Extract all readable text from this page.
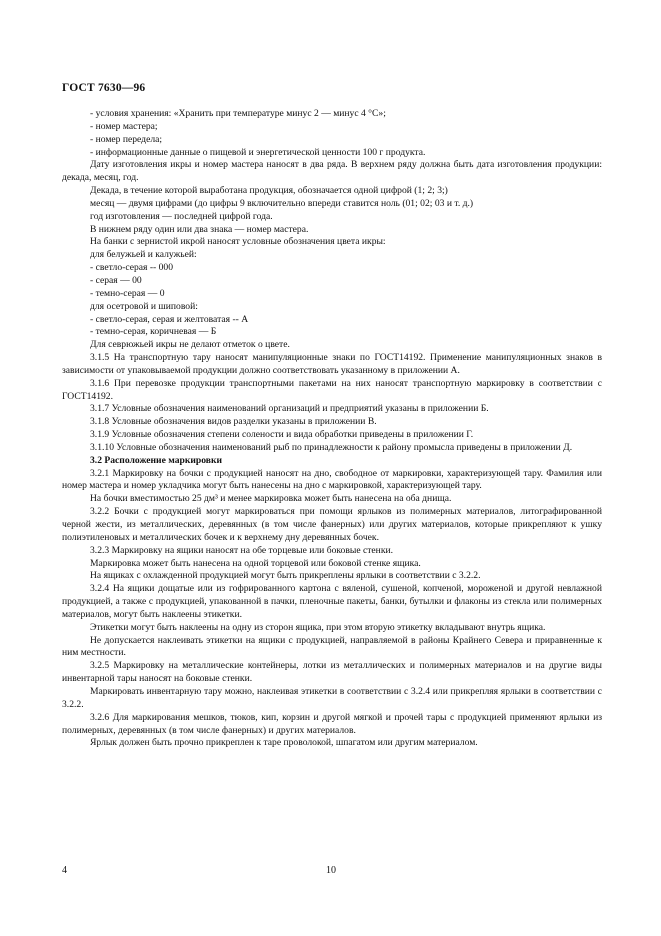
ГОСТ 7630—96

- условия хранения: «Хранить при температуре минус 2 — минус 4 °С»;

- номер мастера;

- номер передела;

- информационные данные о пищевой и энергетической ценности 100 г продукта.

Дату изготовления икры и номер мастера наносят в два ряда. В верхнем ряду должна быть дата изготовления продукции: декада, месяц, год.

Декада, в течение которой выработана продукция, обозначается одной цифрой (1; 2; 3;)

месяц — двумя цифрами (до цифры 9 включительно впереди ставится ноль (01; 02; 03 и т. д.)

год изготовления — последней цифрой года.

В нижнем ряду один или два знака — номер мастера.

На банки с зернистой икрой наносят условные обозначения цвета икры:

для белужьей и калужьей:

- светло-серая -- 000

- серая — 00

- темно-серая — 0

для осетровой и шиповой:

- светло-серая, серая и желтоватая -- А

- темно-серая, коричневая — Б

Для севрюжьей икры не делают отметок о цвете.

3.1.5 На транспортную тару наносят манипуляционные знаки по ГОСТ14192. Применение манипуляционных знаков в зависимости от упаковываемой продукции должно соответствовать указанному в приложении А.

3.1.6 При перевозке продукции транспортными пакетами на них наносят транспортную маркировку в соответствии с ГОСТ14192.

3.1.7 Условные обозначения наименований организаций и предприятий указаны в приложении Б.

3.1.8 Условные обозначения видов разделки указаны в приложении В.

3.1.9 Условные обозначения степени солености и вида обработки приведены в приложении Г.

3.1.10 Условные обозначения наименований рыб по принадлежности к району промысла приведены в приложении Д.

3.2 Расположение маркировки

3.2.1 Маркировку на бочки с продукцией наносят на дно, свободное от маркировки, характеризующей тару. Фамилия или номер мастера и номер укладчика могут быть нанесены на дно с маркировкой, характеризующей тару.

На бочки вместимостью 25 дм³ и менее маркировка может быть нанесена на оба днища.

3.2.2 Бочки с продукцией могут маркироваться при помощи ярлыков из полимерных материалов, литографированной черной жести, из металлических, деревянных (в том числе фанерных) или других материалов, которые прикрепляют к ушку полиэтиленовых и металлических бочек и к верхнему дну деревянных бочек.

3.2.3 Маркировку на ящики наносят на обе торцевые или боковые стенки.

Маркировка может быть нанесена на одной торцевой или боковой стенке ящика.

На ящиках с охлажденной продукцией могут быть прикреплены ярлыки в соответствии с 3.2.2.

3.2.4 На ящики дощатые или из гофрированного картона с вяленой, сушеной, копченой, мороженой и другой невлажной продукцией, а также с продукцией, упакованной в пачки, пленочные пакеты, банки, бутылки и флаконы из стекла или полимерных материалов, могут быть наклеены этикетки.

Этикетки могут быть наклеены на одну из сторон ящика, при этом вторую этикетку вкладывают внутрь ящика.

Не допускается наклеивать этикетки на ящики с продукцией, направляемой в районы Крайнего Севера и приравненные к ним местности.

3.2.5 Маркировку на металлические контейнеры, лотки из металлических и полимерных материалов и на другие виды инвентарной тары наносят на боковые стенки.

Маркировать инвентарную тару можно, наклеивая этикетки в соответствии с 3.2.4 или прикрепляя ярлыки в соответствии с 3.2.2.

3.2.6 Для маркирования мешков, тюков, кип, корзин и другой мягкой и прочей тары с продукцией применяют ярлыки из полимерных, деревянных (в том числе фанерных) и других материалов.

Ярлык должен быть прочно прикреплен к таре проволокой, шпагатом или другим материалом.

4	10
